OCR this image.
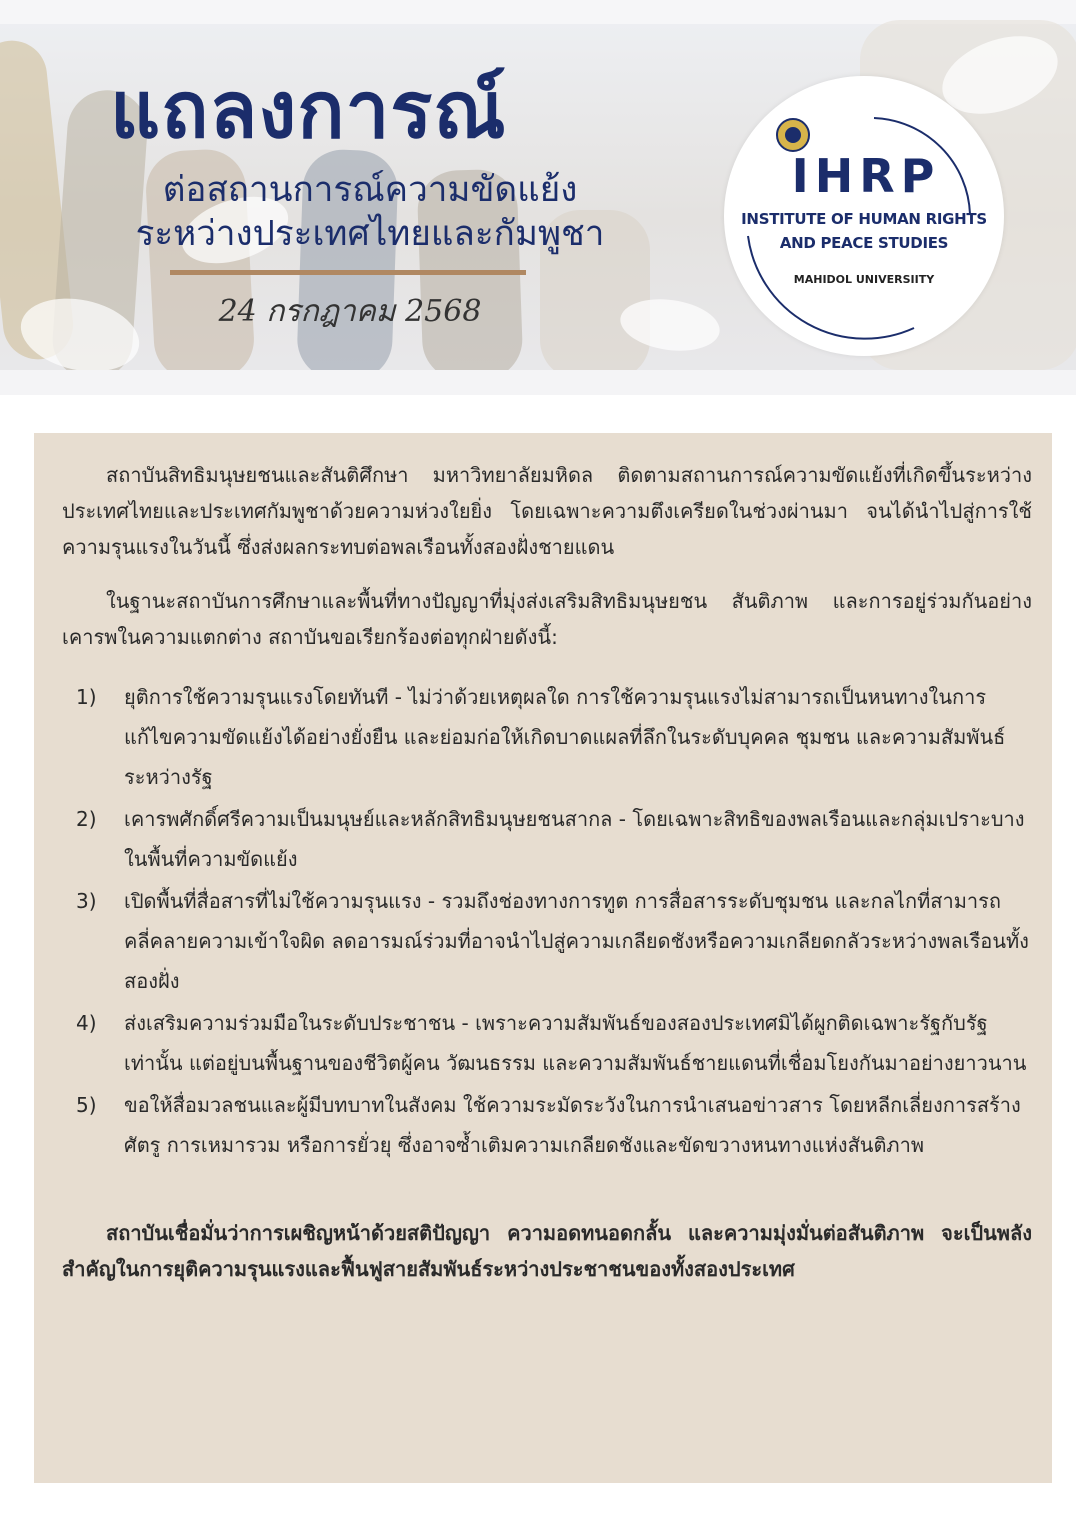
แถลงการณ์
ต่อสถานการณ์ความขัดแย้ง
ระหว่างประเทศไทยและกัมพูชา
24 กรกฎาคม 2568
IHRP
INSTITUTE OF HUMAN RIGHTS
AND PEACE STUDIES
MAHIDOL UNIVERSIITY

สถาบันสิทธิมนุษยชนและสันติศึกษา มหาวิทยาลัยมหิดล ติดตามสถานการณ์ความขัดแย้งที่เกิดขึ้นระหว่างประเทศไทยและประเทศกัมพูชาด้วยความห่วงใยยิ่ง โดยเฉพาะความตึงเครียดในช่วงผ่านมา จนได้นำไปสู่การใช้ความรุนแรงในวันนี้ ซึ่งส่งผลกระทบต่อพลเรือนทั้งสองฝั่งชายแดน

ในฐานะสถาบันการศึกษาและพื้นที่ทางปัญญาที่มุ่งส่งเสริมสิทธิมนุษยชน สันติภาพ และการอยู่ร่วมกันอย่างเคารพในความแตกต่าง สถาบันขอเรียกร้องต่อทุกฝ่ายดังนี้:

1) ยุติการใช้ความรุนแรงโดยทันที - ไม่ว่าด้วยเหตุผลใด การใช้ความรุนแรงไม่สามารถเป็นหนทางในการแก้ไขความขัดแย้งได้อย่างยั่งยืน และย่อมก่อให้เกิดบาดแผลที่ลึกในระดับบุคคล ชุมชน และความสัมพันธ์ระหว่างรัฐ
2) เคารพศักดิ์ศรีความเป็นมนุษย์และหลักสิทธิมนุษยชนสากล - โดยเฉพาะสิทธิของพลเรือนและกลุ่มเปราะบางในพื้นที่ความขัดแย้ง
3) เปิดพื้นที่สื่อสารที่ไม่ใช้ความรุนแรง - รวมถึงช่องทางการทูต การสื่อสารระดับชุมชน และกลไกที่สามารถคลี่คลายความเข้าใจผิด ลดอารมณ์ร่วมที่อาจนำไปสู่ความเกลียดชังหรือความเกลียดกลัวระหว่างพลเรือนทั้งสองฝั่ง
4) ส่งเสริมความร่วมมือในระดับประชาชน - เพราะความสัมพันธ์ของสองประเทศมิได้ผูกติดเฉพาะรัฐกับรัฐเท่านั้น แต่อยู่บนพื้นฐานของชีวิตผู้คน วัฒนธรรม และความสัมพันธ์ชายแดนที่เชื่อมโยงกันมาอย่างยาวนาน
5) ขอให้สื่อมวลชนและผู้มีบทบาทในสังคม ใช้ความระมัดระวังในการนำเสนอข่าวสาร โดยหลีกเลี่ยงการสร้างศัตรู การเหมารวม หรือการยั่วยุ ซึ่งอาจซ้ำเติมความเกลียดชังและขัดขวางหนทางแห่งสันติภาพ

สถาบันเชื่อมั่นว่าการเผชิญหน้าด้วยสติปัญญา ความอดทนอดกลั้น และความมุ่งมั่นต่อสันติภาพ จะเป็นพลังสำคัญในการยุติความรุนแรงและฟื้นฟูสายสัมพันธ์ระหว่างประชาชนของทั้งสองประเทศ
